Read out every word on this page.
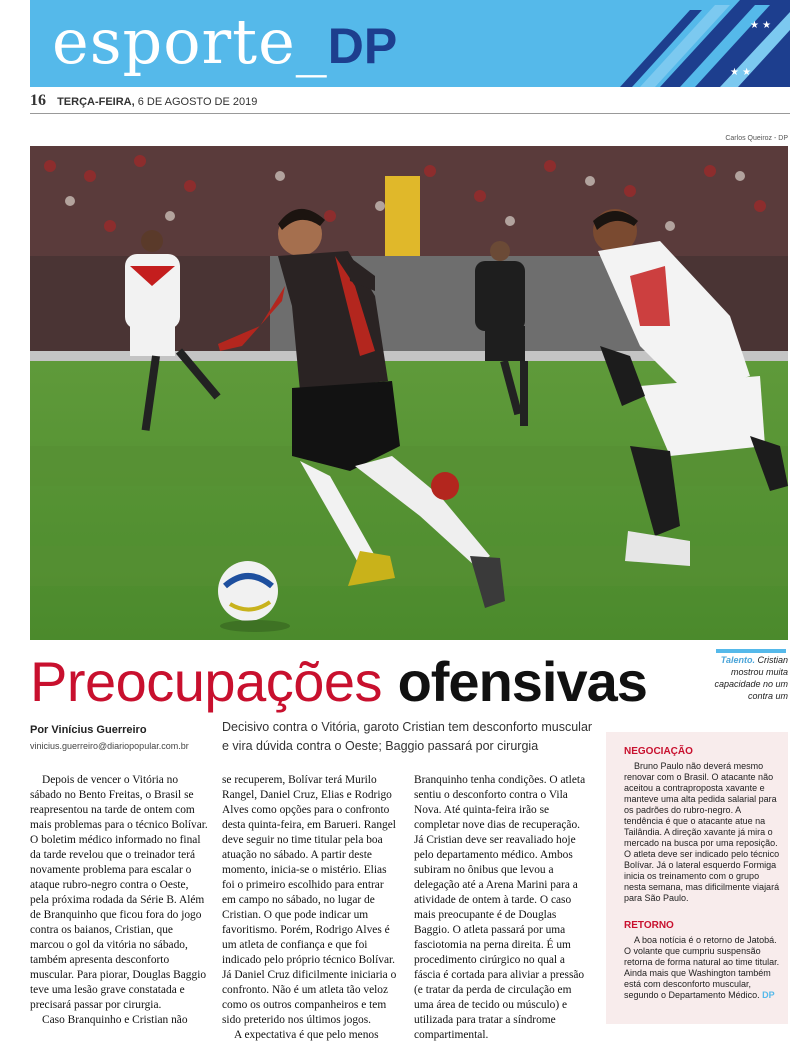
esporte_DP	★ ★
★ ★
16 TERÇA-FEIRA, 6 DE AGOSTO DE 2019
Carlos Queiroz - DP
Preocupações ofensivas	Talento. Cristian mostrou muita capacidade no um contra um
Por Vinícius Guerreiro
vinicius.guerreiro@diariopopular.com.br
Decisivo contra o Vitória, garoto Cristian tem desconforto muscular e vira dúvida contra o Oeste; Baggio passará por cirurgia

Depois de vencer o Vitória no sábado no Bento Freitas, o Brasil se reapresentou na tarde de ontem com mais problemas para o técnico Bolívar. O boletim médico informado no final da tarde revelou que o treinador terá novamente problema para escalar o ataque rubro-negro contra o Oeste, pela próxima rodada da Série B. Além de Branquinho que ficou fora do jogo contra os baianos, Cristian, que marcou o gol da vitória no sábado, também apresenta desconforto muscular. Para piorar, Douglas Baggio teve uma lesão grave constatada e precisará passar por cirurgia.

Caso Branquinho e Cristian não

se recuperem, Bolívar terá Murilo Rangel, Daniel Cruz, Elias e Rodrigo Alves como opções para o confronto desta quinta-feira, em Barueri. Rangel deve seguir no time titular pela boa atuação no sábado. A partir deste momento, inicia-se o mistério. Elias foi o primeiro escolhido para entrar em campo no sábado, no lugar de Cristian. O que pode indicar um favoritismo. Porém, Rodrigo Alves é um atleta de confiança e que foi indicado pelo próprio técnico Bolívar. Já Daniel Cruz dificilmente iniciaria o confronto. Não é um atleta tão veloz como os outros companheiros e tem sido preterido nos últimos jogos.

A expectativa é que pelo menos

Branquinho tenha condições. O atleta sentiu o desconforto contra o Vila Nova. Até quinta-feira irão se completar nove dias de recuperação. Já Cristian deve ser reavaliado hoje pelo departamento médico. Ambos subiram no ônibus que levou a delegação até a Arena Marini para a atividade de ontem à tarde. O caso mais preocupante é de Douglas Baggio. O atleta passará por uma fasciotomia na perna direita. É um procedimento cirúrgico no qual a fáscia é cortada para aliviar a pressão (e tratar da perda de circulação em uma área de tecido ou músculo) e utilizada para tratar a síndrome compartimental.

NEGOCIAÇÃO
Bruno Paulo não deverá mesmo renovar com o Brasil. O atacante não aceitou a contraproposta xavante e manteve uma alta pedida salarial para os padrões do rubro-negro. A tendência é que o atacante atue na Tailândia. A direção xavante já mira o mercado na busca por uma reposição. O atleta deve ser indicado pelo técnico Bolívar. Já o lateral esquerdo Formiga inicia os treinamento com o grupo nesta semana, mas dificilmente viajará para São Paulo.
RETORNO
A boa notícia é o retorno de Jatobá. O volante que cumpriu suspensão retorna de forma natural ao time titular. Ainda mais que Washington também está com desconforto muscular, segundo o Departamento Médico. DP
